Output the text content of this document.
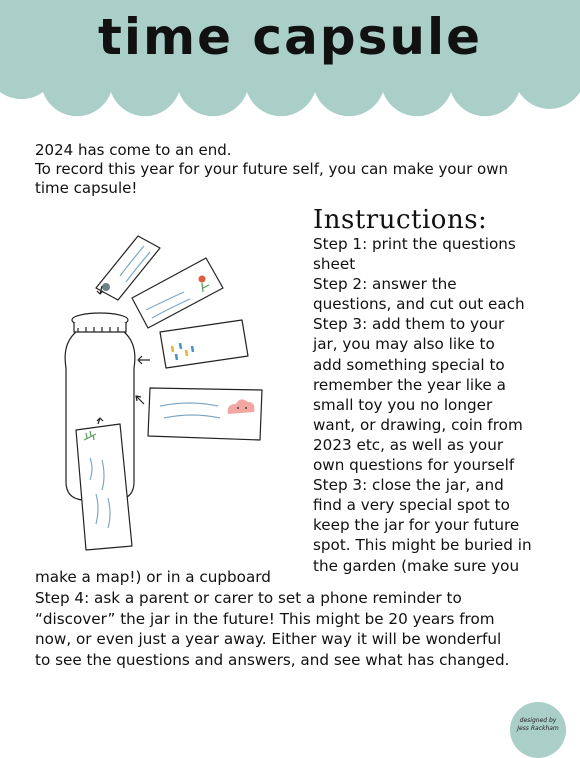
time capsule
2024 has come to an end.
To record this year for your future self, you can make your own
time capsule!
Instructions:
Step 1: print the questions
sheet
Step 2: answer the
questions, and cut out each
Step 3: add them to your
jar, you may also like to
add something special to
remember the year like a
small toy you no longer
want, or drawing, coin from
2023 etc, as well as your
own questions for yourself
Step 3: close the jar, and
find a very special spot to
keep the jar for your future
spot. This might be buried in
the garden (make sure you
make a map!) or in a cupboard
Step 4: ask a parent or carer to set a phone reminder to
“discover” the jar in the future! This might be 20 years from
now, or even just a year away. Either way it will be wonderful
to see the questions and answers, and see what has changed.
designed by
Jess Rackham
